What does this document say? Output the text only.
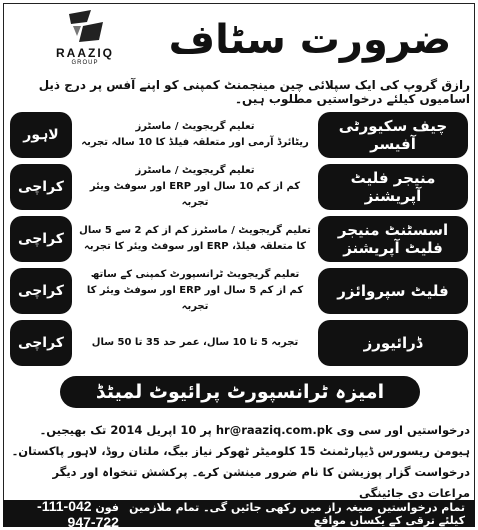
RAAZIQ
GROUP	ضرورت سٹاف
رازق گروپ کی ایک سپلائی چین مینجمنٹ کمپنی کو اپنے آفس پر درج ذیل اسامیوں کیلئے درخواستیں مطلوب ہیں۔
چیف سکیورٹی آفیسر
تعلیم گریجویٹ / ماسٹرز
ریٹائرڈ آرمی اور متعلقہ فیلڈ کا 10 سالہ تجربہ
لاہور
منیجر فلیٹ آپریشنز
تعلیم گریجویٹ / ماسٹرز
کم از کم 10 سال اور ERP اور سوفٹ ویئر تجربہ
کراچی
اسسٹنٹ منیجر فلیٹ آپریشنز
تعلیم گریجویٹ / ماسٹرز کم از کم 2 سے 5 سال
کا متعلقہ فیلڈ، ERP اور سوفٹ ویئر کا تجربہ
کراچی
فلیٹ سپروائزر
تعلیم گریجویٹ ٹرانسپورٹ کمپنی کے ساتھ
کم از کم 5 سال اور ERP اور سوفٹ ویئر کا تجربہ
کراچی
ڈرائیورز
تجربہ 5 تا 10 سال، عمر حد 35 تا 50 سال
کراچی
امیزہ ٹرانسپورٹ پرائیوٹ لمیٹڈ
درخواستیں اور سی وی hr@raaziq.com.pk پر 10 اپریل 2014 تک بھیجیں۔
ہیومن ریسورس ڈیپارٹمنٹ 15 کلومیٹر ٹھوکر نیاز بیگ، ملتان روڈ، لاہور پاکستان۔
درخواست گزار پوزیشن کا نام ضرور مینشن کرے۔ پرکشش تنخواہ اور دیگر مراعات دی جائینگی
تمام درخواستیں صیغہ راز میں رکھی جائیں گی۔ تمام ملازمین کیلئے ترقی کے یکساں مواقع
فون 042-111-722-947
